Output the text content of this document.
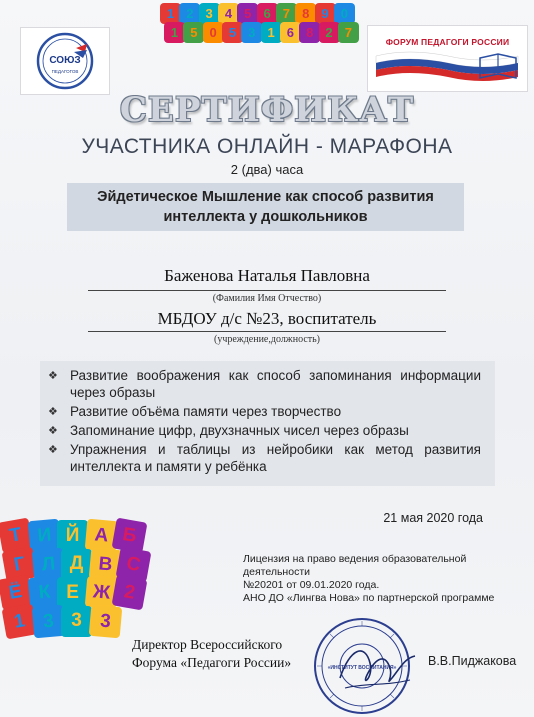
СОЮЗ
ПЕДАГОГОВ
1 2 3 4 5 6 7 8 9 0
1 5 0 5 3 1 6 8 2 7
ФОРУМ ПЕДАГОГИ РОССИИ
СЕРТИФИКАТ
УЧАСТНИКА ОНЛАЙН - МАРАФОНА
2 (два) часа
Эйдетическое Мышление как способ развития интеллекта у дошкольников
Баженова Наталья Павловна
(Фамилия Имя Отчество)
МБДОУ д/с №23, воспитатель
(учреждение,должность)
❖ Развитие воображения как способ запоминания информации через образы
❖ Развитие объёма памяти через творчество
❖ Запоминание цифр, двухзначных чисел через образы
❖ Упражнения и таблицы из нейробики как метод развития интеллекта и памяти у ребёнка
21 мая 2020 года
Лицензия на право ведения образовательной
деятельности
№20201 от 09.01.2020 года.
АНО ДО «Лингва Нова» по партнерской программе
Т И Й А Б
Г Л Д В С
Ё К Е Ж 2
1 3 3 3
Директор Всероссийского
Форума «Педагоги России»	«ИНСТИТУТ ВОСПИТАНИЯ»	В.В.Пиджакова
